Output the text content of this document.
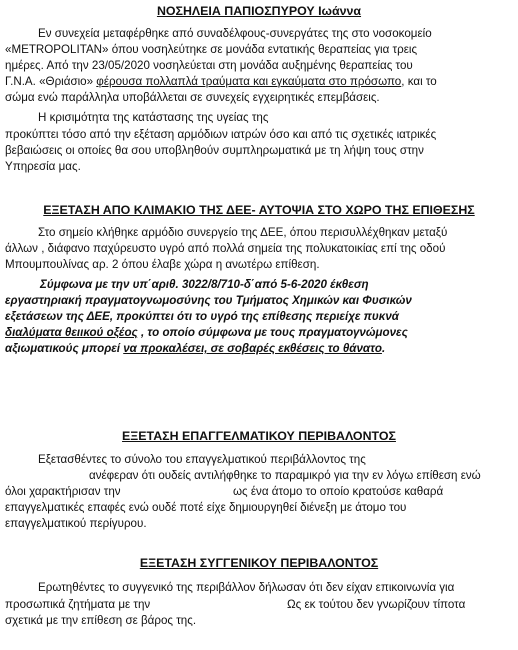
ΝΟΣΗΛΕΙΑ ΠΑΠΙΟΣΠΥΡΟΥ Ιωάννα
Εν συνεχεία μεταφέρθηκε από συναδέλφους-συνεργάτες της στο νοσοκομείο
«METROPOLITAN» όπου νοσηλεύτηκε σε μονάδα εντατικής θεραπείας για τρεις
ημέρες. Από την 23/05/2020 νοσηλεύεται στη μονάδα αυξημένης θεραπείας του
Γ.Ν.Α. «Θριάσιο» φέρουσα πολλαπλά τραύματα και εγκαύματα στο πρόσωπο, και το
σώμα ενώ παράλληλα υποβάλλεται σε συνεχείς εγχειρητικές επεμβάσεις.
Η κρισιμότητα της κατάστασης της υγείας της
προκύπτει τόσο από την εξέταση αρμόδιων ιατρών όσο και από τις σχετικές ιατρικές
βεβαιώσεις οι οποίες θα σου υποβληθούν συμπληρωματικά με τη λήψη τους στην
Υπηρεσία μας.
ΕΞΕΤΑΣΗ ΑΠΟ ΚΛΙΜΑΚΙΟ ΤΗΣ ΔΕΕ- ΑΥΤΟΨΙΑ ΣΤΟ ΧΩΡΟ ΤΗΣ ΕΠΙΘΕΣΗΣ
Στο σημείο κλήθηκε αρμόδιο συνεργείο της ΔΕΕ, όπου περισυλλέχθηκαν μεταξύ
άλλων , διάφανο παχύρευστο υγρό από πολλά σημεία της πολυκατοικίας επί της οδού
Μπουμπουλίνας αρ. 2 όπου έλαβε χώρα η ανωτέρω επίθεση.
Σύμφωνα με την υπ΄αριθ. 3022/8/710-δ΄από 5-6-2020 έκθεση
εργαστηριακή πραγματογνωμοσύνης του Τμήματος Χημικών και Φυσικών
εξετάσεων της ΔΕΕ, προκύπτει ότι το υγρό της επίθεσης περιείχε πυκνά
διαλύματα θειικού οξέος , το οποίο σύμφωνα με τους πραγματογνώμονες
αξιωματικούς μπορεί να προκαλέσει, σε σοβαρές εκθέσεις το θάνατο.
ΕΞΕΤΑΣΗ ΕΠΑΓΓΕΛΜΑΤΙΚΟΥ ΠΕΡΙΒΑΛΟΝΤΟΣ
Εξετασθέντες το σύνολο του επαγγελματικού περιβάλλοντος της
ανέφεραν ότι ουδείς αντιλήφθηκε το παραμικρό για την εν λόγω επίθεση ενώ
όλοι χαρακτήρισαν την	ως ένα άτομο το οποίο κρατούσε καθαρά
επαγγελματικές επαφές ενώ ουδέ ποτέ είχε δημιουργηθεί διένεξη με άτομο του
επαγγελματικού περίγυρου.
ΕΞΕΤΑΣΗ ΣΥΓΓΕΝΙΚΟΥ ΠΕΡΙΒΑΛΟΝΤΟΣ
Ερωτηθέντες το συγγενικό της περιβάλλον δήλωσαν ότι δεν είχαν επικοινωνία για
προσωπικά ζητήματα με την	Ως εκ τούτου δεν γνωρίζουν τίποτα
σχετικά με την επίθεση σε βάρος της.
